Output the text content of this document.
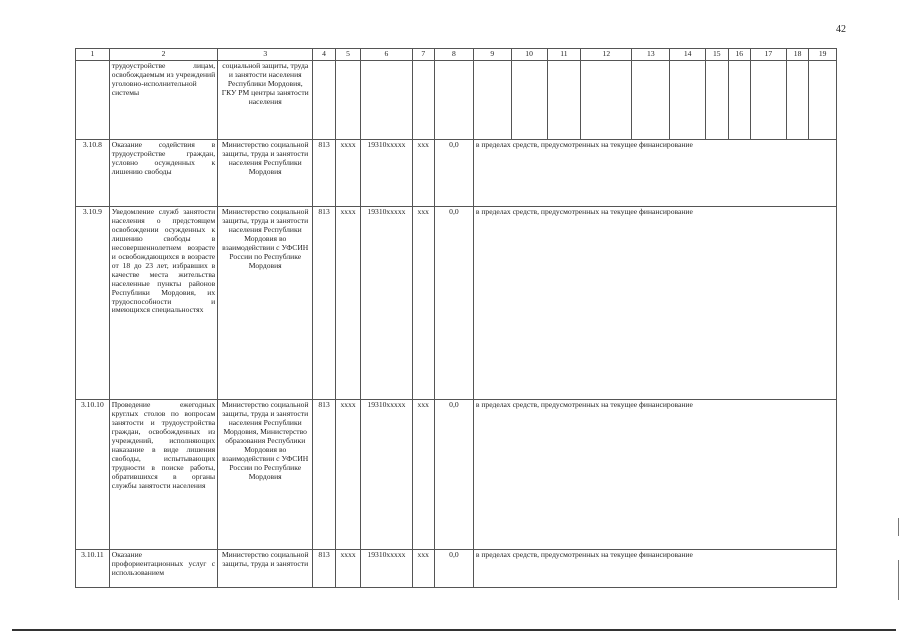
42
1	2	3	4	5	6	7	8	9	10	11	12	13	14	15	16	17	18	19
	трудоустройстве лицам, освобождаемым из учреждений уголовно-исполнительной системы	социальной защиты, труда и занятости населения Республики Мордовия, ГКУ РМ центры занятости населения																
3.10.8	Оказание содействия в трудоустройстве граждан, условно осужденных к лишению свободы	Министерство социальной защиты, труда и занятости населения Республики Мордовия	813	xxxx	19310xxxxx	xxx	0,0	в пределах средств, предусмотренных на текущее финансирование										
3.10.9	Уведомление служб занятости населения о предстоящем освобождении осужденных к лишению свободы в несовершеннолетнем возрасте и освобождающихся в возрасте от 18 до 23 лет, избравших в качестве места жительства населенные пункты районов Республики Мордовия, их трудоспособности и имеющихся специальностях	Министерство социальной защиты, труда и занятости населения Республики Мордовия во взаимодействии с УФСИН России по Республике Мордовия	813	xxxx	19310xxxxx	xxx	0,0	в пределах средств, предусмотренных на текущее финансирование										
3.10.10	Проведение ежегодных круглых столов по вопросам занятости и трудоустройства граждан, освобожденных из учреждений, исполняющих наказание в виде лишения свободы, испытывающих трудности в поиске работы, обратившихся в органы службы занятости населения	Министерство социальной защиты, труда и занятости населения Республики Мордовия, Министерство образования Республики Мордовия во взаимодействии с УФСИН России по Республике Мордовия	813	xxxx	19310xxxxx	xxx	0,0	в пределах средств, предусмотренных на текущее финансирование										
3.10.11	Оказание профориентационных услуг с использованием	Министерство социальной защиты, труда и занятости	813	xxxx	19310xxxxx	xxx	0,0	в пределах средств, предусмотренных на текущее финансирование										
